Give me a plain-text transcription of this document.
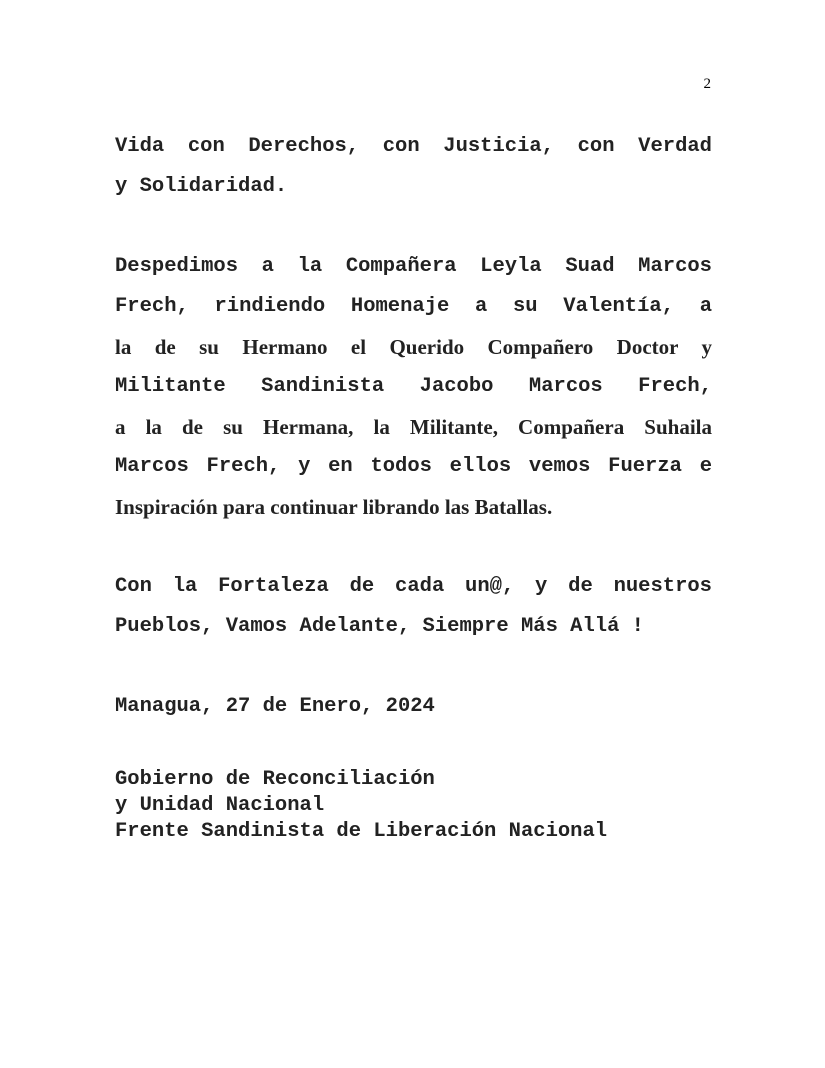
2

Vida con Derechos, con Justicia, con Verdad
y Solidaridad.

Despedimos a la Compañera Leyla Suad Marcos
Frech, rindiendo Homenaje a su Valentía, a
la de su Hermano el Querido Compañero Doctor y
Militante Sandinista Jacobo Marcos Frech,
a la de su Hermana, la Militante, Compañera Suhaila
Marcos Frech, y en todos ellos vemos Fuerza e
Inspiración para continuar librando las Batallas.

Con la Fortaleza de cada un@, y de nuestros
Pueblos, Vamos Adelante, Siempre Más Allá !

Managua, 27 de Enero, 2024

Gobierno de Reconciliación
y Unidad Nacional
Frente Sandinista de Liberación Nacional
